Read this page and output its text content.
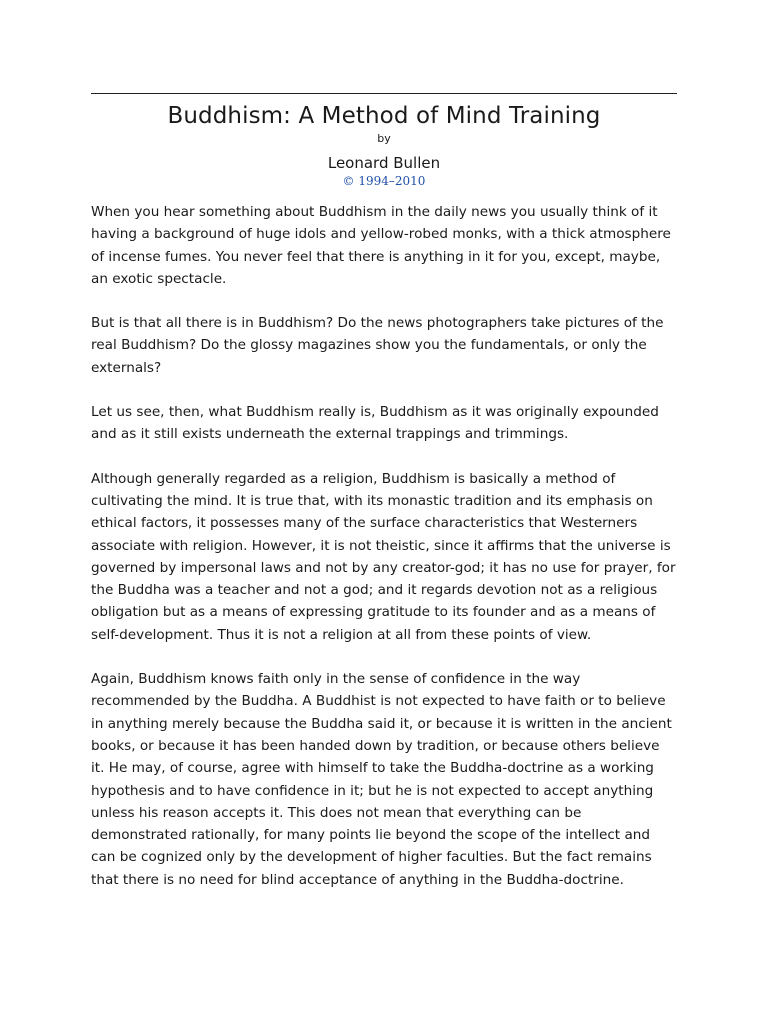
Buddhism: A Method of Mind Training
by
Leonard Bullen
© 1994–2010

When you hear something about Buddhism in the daily news you usually think of it having a background of huge idols and yellow-robed monks, with a thick atmosphere of incense fumes. You never feel that there is anything in it for you, except, maybe, an exotic spectacle.

But is that all there is in Buddhism? Do the news photographers take pictures of the real Buddhism? Do the glossy magazines show you the fundamentals, or only the externals?

Let us see, then, what Buddhism really is, Buddhism as it was originally expounded and as it still exists underneath the external trappings and trimmings.

Although generally regarded as a religion, Buddhism is basically a method of cultivating the mind. It is true that, with its monastic tradition and its emphasis on ethical factors, it possesses many of the surface characteristics that Westerners associate with religion. However, it is not theistic, since it affirms that the universe is governed by impersonal laws and not by any creator-god; it has no use for prayer, for the Buddha was a teacher and not a god; and it regards devotion not as a religious obligation but as a means of expressing gratitude to its founder and as a means of self-development. Thus it is not a religion at all from these points of view.

Again, Buddhism knows faith only in the sense of confidence in the way recommended by the Buddha. A Buddhist is not expected to have faith or to believe in anything merely because the Buddha said it, or because it is written in the ancient books, or because it has been handed down by tradition, or because others believe it. He may, of course, agree with himself to take the Buddha-doctrine as a working hypothesis and to have confidence in it; but he is not expected to accept anything unless his reason accepts it. This does not mean that everything can be demonstrated rationally, for many points lie beyond the scope of the intellect and can be cognized only by the development of higher faculties. But the fact remains that there is no need for blind acceptance of anything in the Buddha-doctrine.
